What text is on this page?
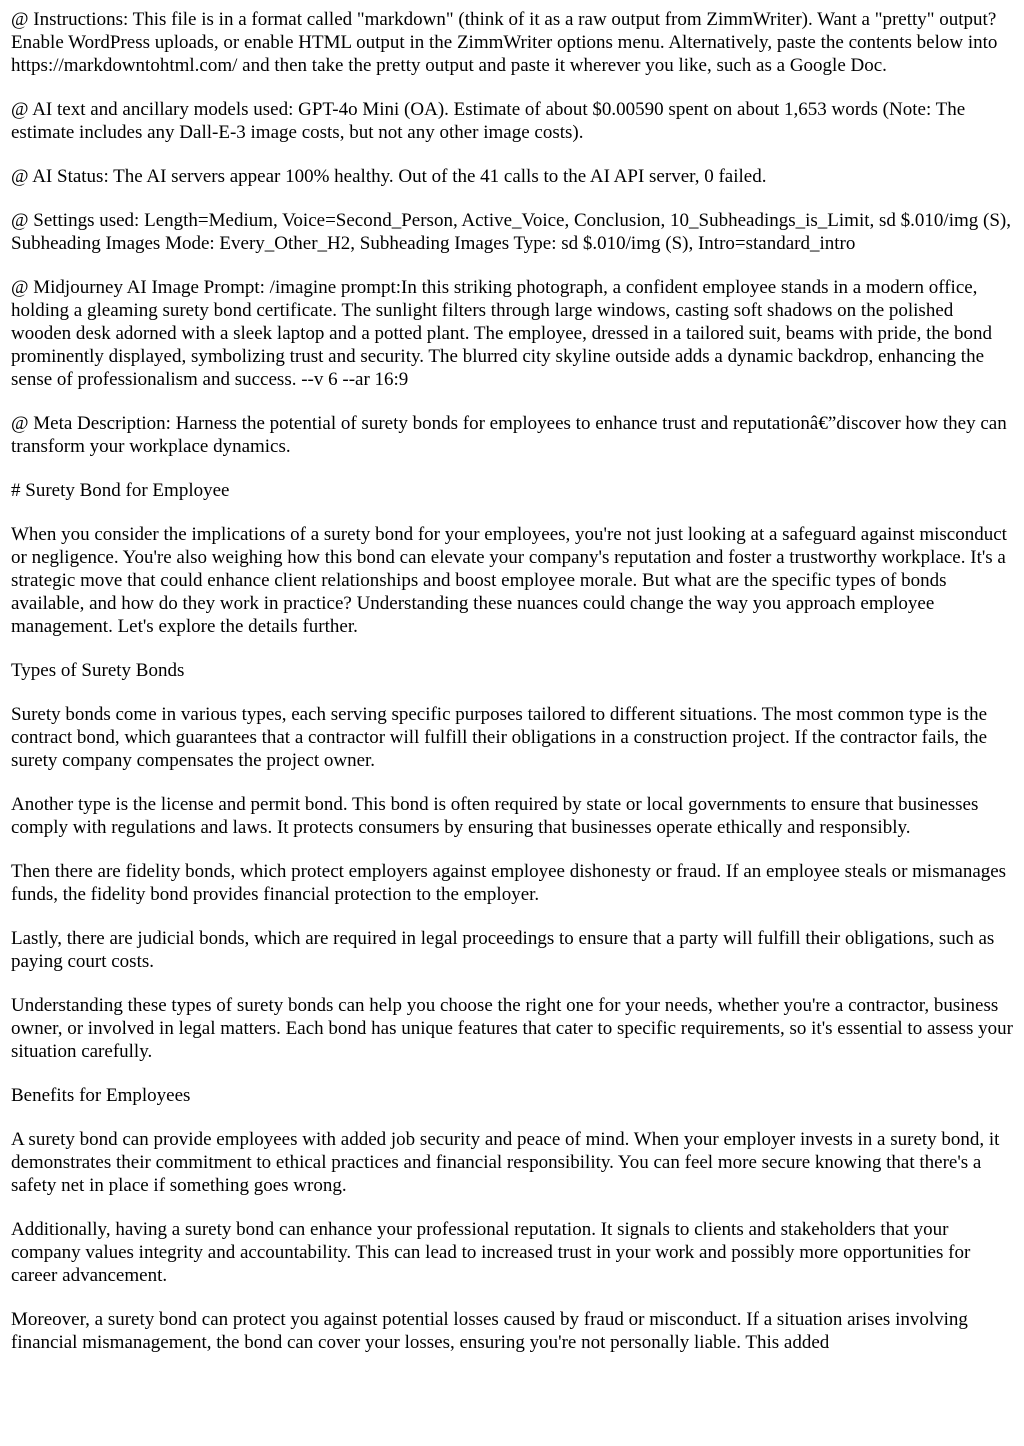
@ Instructions: This file is in a format called "markdown" (think of it as a raw output from ZimmWriter). Want a "pretty" output? Enable WordPress uploads, or enable HTML output in the ZimmWriter options menu. Alternatively, paste the contents below into https://markdowntohtml.com/ and then take the pretty output and paste it wherever you like, such as a Google Doc.

@ AI text and ancillary models used: GPT-4o Mini (OA). Estimate of about $0.00590 spent on about 1,653 words (Note: The estimate includes any Dall-E-3 image costs, but not any other image costs).

@ AI Status: The AI servers appear 100% healthy. Out of the 41 calls to the AI API server, 0 failed.

@ Settings used: Length=Medium, Voice=Second_Person, Active_Voice, Conclusion, 10_Subheadings_is_Limit, sd $.010/img (S), Subheading Images Mode: Every_Other_H2, Subheading Images Type: sd $.010/img (S), Intro=standard_intro

@ Midjourney AI Image Prompt: /imagine prompt:In this striking photograph, a confident employee stands in a modern office, holding a gleaming surety bond certificate. The sunlight filters through large windows, casting soft shadows on the polished wooden desk adorned with a sleek laptop and a potted plant. The employee, dressed in a tailored suit, beams with pride, the bond prominently displayed, symbolizing trust and security. The blurred city skyline outside adds a dynamic backdrop, enhancing the sense of professionalism and success. --v 6 --ar 16:9

@ Meta Description: Harness the potential of surety bonds for employees to enhance trust and reputationâ€”discover how they can transform your workplace dynamics.

# Surety Bond for Employee

When you consider the implications of a surety bond for your employees, you're not just looking at a safeguard against misconduct or negligence. You're also weighing how this bond can elevate your company's reputation and foster a trustworthy workplace. It's a strategic move that could enhance client relationships and boost employee morale. But what are the specific types of bonds available, and how do they work in practice? Understanding these nuances could change the way you approach employee management. Let's explore the details further.

Types of Surety Bonds

Surety bonds come in various types, each serving specific purposes tailored to different situations. The most common type is the contract bond, which guarantees that a contractor will fulfill their obligations in a construction project. If the contractor fails, the surety company compensates the project owner.

Another type is the license and permit bond. This bond is often required by state or local governments to ensure that businesses comply with regulations and laws. It protects consumers by ensuring that businesses operate ethically and responsibly.

Then there are fidelity bonds, which protect employers against employee dishonesty or fraud. If an employee steals or mismanages funds, the fidelity bond provides financial protection to the employer.

Lastly, there are judicial bonds, which are required in legal proceedings to ensure that a party will fulfill their obligations, such as paying court costs.

Understanding these types of surety bonds can help you choose the right one for your needs, whether you're a contractor, business owner, or involved in legal matters. Each bond has unique features that cater to specific requirements, so it's essential to assess your situation carefully.

Benefits for Employees

A surety bond can provide employees with added job security and peace of mind. When your employer invests in a surety bond, it demonstrates their commitment to ethical practices and financial responsibility. You can feel more secure knowing that there's a safety net in place if something goes wrong.

Additionally, having a surety bond can enhance your professional reputation. It signals to clients and stakeholders that your company values integrity and accountability. This can lead to increased trust in your work and possibly more opportunities for career advancement.

Moreover, a surety bond can protect you against potential losses caused by fraud or misconduct. If a situation arises involving financial mismanagement, the bond can cover your losses, ensuring you're not personally liable. This added
